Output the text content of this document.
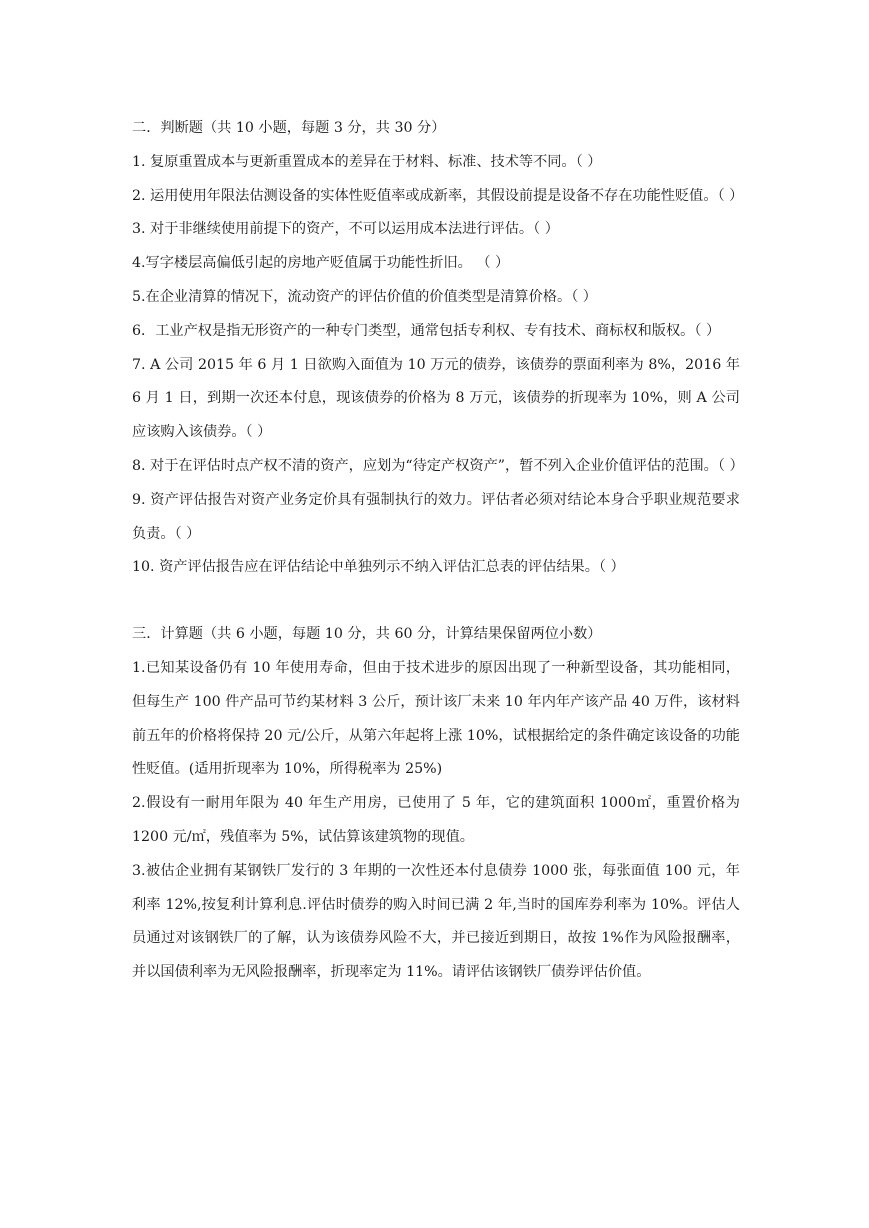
二．判断题（共 10 小题，每题 3 分，共 30 分）

1. 复原重置成本与更新重置成本的差异在于材料、标准、技术等不同。（ ）

2. 运用使用年限法估测设备的实体性贬值率或成新率，其假设前提是设备不存在功能性贬值。（ ）

3. 对于非继续使用前提下的资产，不可以运用成本法进行评估。（ ）

4.写字楼层高偏低引起的房地产贬值属于功能性折旧。 （ ）

5.在企业清算的情况下，流动资产的评估价值的价值类型是清算价格。（ ）

6．工业产权是指无形资产的一种专门类型，通常包括专利权、专有技术、商标权和版权。（ ）

7. A 公司 2015 年 6 月 1 日欲购入面值为 10 万元的债券，该债券的票面利率为 8%，2016 年 6 月 1 日，到期一次还本付息，现该债券的价格为 8 万元，该债券的折现率为 10%，则 A 公司应该购入该债券。（ ）

8. 对于在评估时点产权不清的资产，应划为“待定产权资产”，暂不列入企业价值评估的范围。（ ）

9. 资产评估报告对资产业务定价具有强制执行的效力。评估者必须对结论本身合乎职业规范要求负责。（ ）

10. 资产评估报告应在评估结论中单独列示不纳入评估汇总表的评估结果。（ ）

三．计算题（共 6 小题，每题 10 分，共 60 分，计算结果保留两位小数）

1.已知某设备仍有 10 年使用寿命，但由于技术进步的原因出现了一种新型设备，其功能相同，但每生产 100 件产品可节约某材料 3 公斤，预计该厂未来 10 年内年产该产品 40 万件，该材料前五年的价格将保持 20 元/公斤，从第六年起将上涨 10%，试根据给定的条件确定该设备的功能性贬值。(适用折现率为 10%，所得税率为 25%)

2.假设有一耐用年限为 40 年生产用房，已使用了 5 年，它的建筑面积 1000㎡，重置价格为 1200 元/㎡，残值率为 5%，试估算该建筑物的现值。

3.被估企业拥有某钢铁厂发行的 3 年期的一次性还本付息债券 1000 张，每张面值 100 元，年利率 12%,按复利计算利息.评估时债券的购入时间已满 2 年,当时的国库券利率为 10%。评估人员通过对该钢铁厂的了解，认为该债券风险不大，并已接近到期日，故按 1%作为风险报酬率，并以国债利率为无风险报酬率，折现率定为 11%。请评估该钢铁厂债券评估价值。
